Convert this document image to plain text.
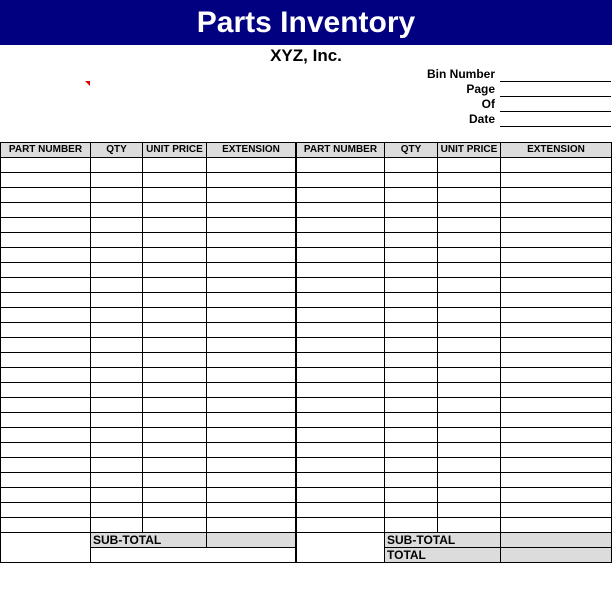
Parts Inventory
XYZ, Inc.
Bin Number
Page
Of
Date
PART NUMBER	QTY	UNIT PRICE	EXTENSION

	SUB-TOTAL		

PART NUMBER	QTY	UNIT PRICE	EXTENSION

	SUB-TOTAL		
	TOTAL		
